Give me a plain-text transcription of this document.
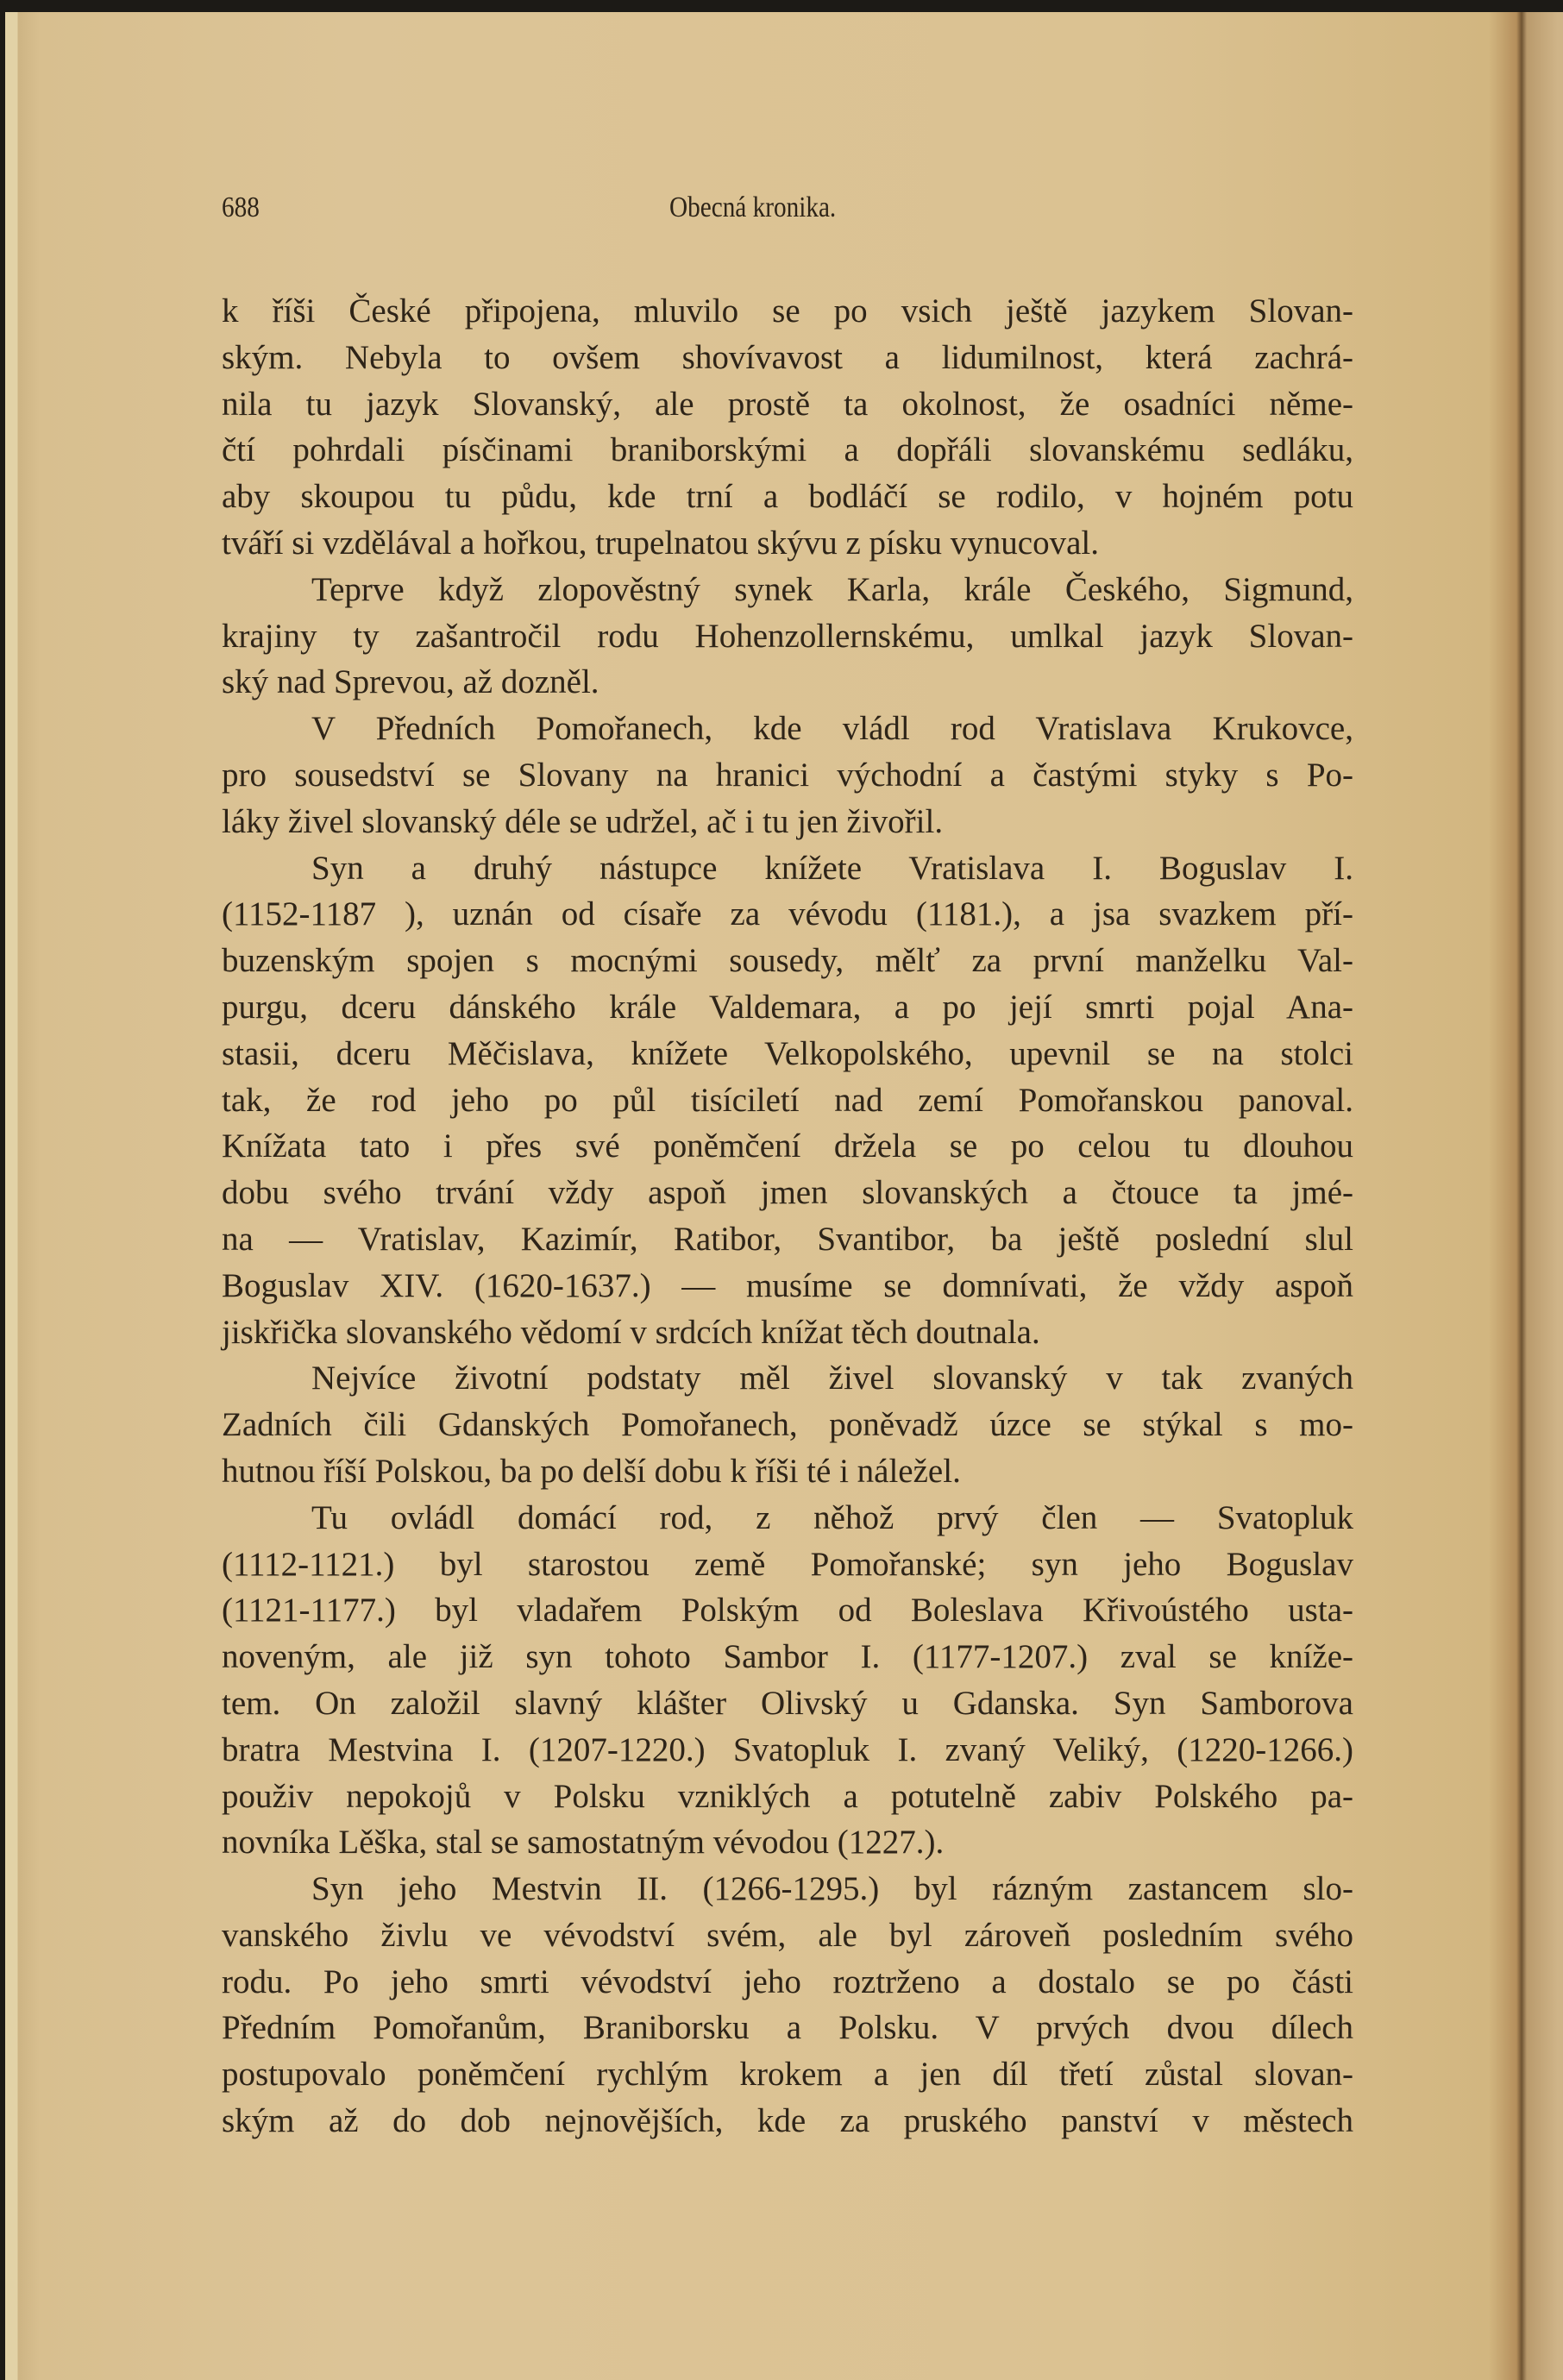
688	Obecná kronika.
k říši České připojena, mluvilo se po vsich ještě jazykem Slovan-
ským. Nebyla to ovšem shovívavost a lidumilnost, která zachrá-
nila tu jazyk Slovanský, ale prostě ta okolnost, že osadníci něme-
čtí pohrdali písčinami braniborskými a dopřáli slovanskému sedláku,
aby skoupou tu půdu, kde trní a bodláčí se rodilo, v hojném potu
tváří si vzdělával a hořkou, trupelnatou skývu z písku vynucoval.
Teprve když zlopověstný synek Karla, krále Českého, Sigmund,
krajiny ty zašantročil rodu Hohenzollernskému, umlkal jazyk Slovan-
ský nad Sprevou, až dozněl.
V Předních Pomořanech, kde vládl rod Vratislava Krukovce,
pro sousedství se Slovany na hranici východní a častými styky s Po-
láky živel slovanský déle se udržel, ač i tu jen živořil.
Syn a druhý nástupce knížete Vratislava I. Boguslav I.
(1152-1187 ), uznán od císaře za vévodu (1181.), a jsa svazkem pří-
buzenským spojen s mocnými sousedy, mělť za první manželku Val-
purgu, dceru dánského krále Valdemara, a po její smrti pojal Ana-
stasii, dceru Měčislava, knížete Velkopolského, upevnil se na stolci
tak, že rod jeho po půl tisíciletí nad zemí Pomořanskou panoval.
Knížata tato i přes své poněmčení držela se po celou tu dlouhou
dobu svého trvání vždy aspoň jmen slovanských a čtouce ta jmé-
na — Vratislav, Kazimír, Ratibor, Svantibor, ba ještě poslední slul
Boguslav XIV. (1620-1637.) — musíme se domnívati, že vždy aspoň
jiskřička slovanského vědomí v srdcích knížat těch doutnala.
Nejvíce životní podstaty měl živel slovanský v tak zvaných
Zadních čili Gdanských Pomořanech, poněvadž úzce se stýkal s mo-
hutnou říší Polskou, ba po delší dobu k říši té i náležel.
Tu ovládl domácí rod, z něhož prvý člen — Svatopluk
(1112-1121.) byl starostou země Pomořanské; syn jeho Boguslav
(1121-1177.) byl vladařem Polským od Boleslava Křivoústého usta-
noveným, ale již syn tohoto Sambor I. (1177-1207.) zval se kníže-
tem. On založil slavný klášter Olivský u Gdanska. Syn Samborova
bratra Mestvina I. (1207-1220.) Svatopluk I. zvaný Veliký, (1220-1266.)
použiv nepokojů v Polsku vzniklých a potutelně zabiv Polského pa-
novníka Lěška, stal se samostatným vévodou (1227.).
Syn jeho Mestvin II. (1266-1295.) byl rázným zastancem slo-
vanského živlu ve vévodství svém, ale byl zároveň posledním svého
rodu. Po jeho smrti vévodství jeho roztrženo a dostalo se po části
Předním Pomořanům, Braniborsku a Polsku. V prvých dvou dílech
postupovalo poněmčení rychlým krokem a jen díl třetí zůstal slovan-
ským až do dob nejnovějších, kde za pruského panství v městech
